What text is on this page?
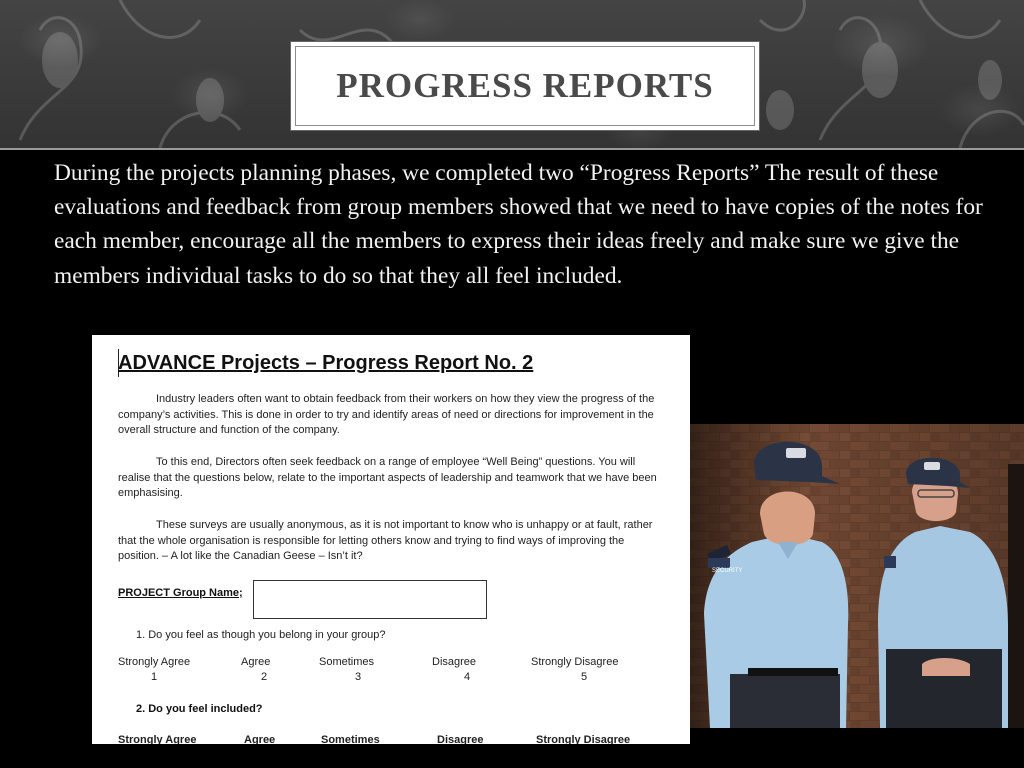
PROGRESS REPORTS

During the projects planning phases, we completed two “Progress Reports” The result of these evaluations and feedback from group members showed that we need to have copies of the notes for each member, encourage all the members to express their ideas freely and make sure we give the members individual tasks to do so that they all feel included.

ADVANCE Projects – Progress Report No. 2

Industry leaders often want to obtain feedback from their workers on how they view the progress of the company’s activities. This is done in order to try and identify areas of need or directions for improvement in the overall structure and function of the company.

To this end, Directors often seek feedback on a range of employee “Well Being” questions. You will realise that the questions below, relate to the important aspects of leadership and teamwork that we have been emphasising.

These surveys are usually anonymous, as it is not important to know who is unhappy or at fault, rather that the whole organisation is responsible for letting others know and trying to find ways of improving the position. – A lot like the Canadian Geese – Isn’t it?

PROJECT Group Name;
1. Do you feel as though you belong in your group?
Strongly Agree	Agree	Sometimes	Disagree	Strongly Disagree
1	2	3	4	5
2. Do you feel included?
Strongly Agree	Agree	Sometimes	Disagree	Strongly Disagree
SECURITY
